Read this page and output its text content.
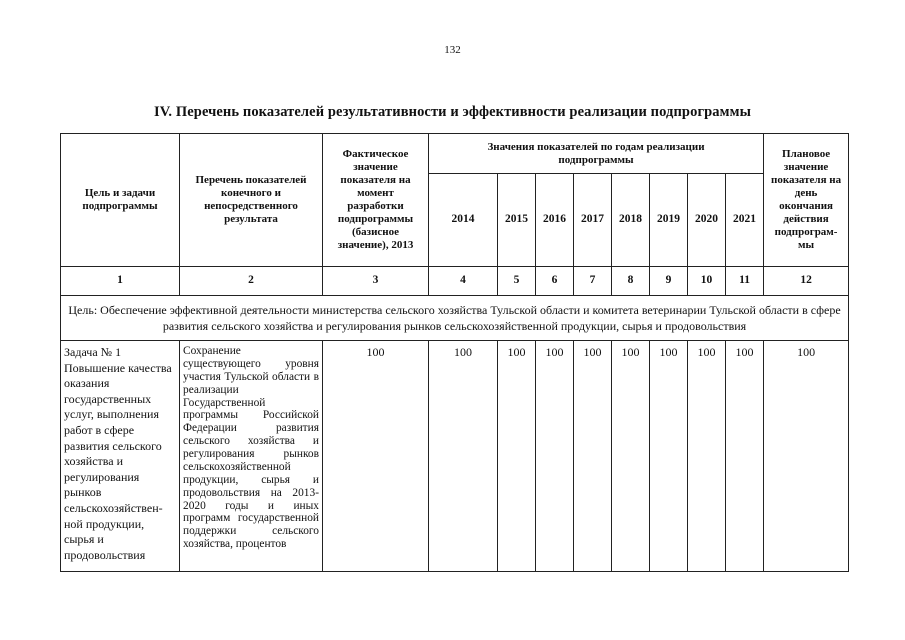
132
IV. Перечень показателей результативности и эффективности реализации подпрограммы
Цель и задачи подпрограммы	Перечень показателей конечного и непосредственного результата	Фактическое значение показателя на момент разработки подпрограммы (базисное значение), 2013	Значения показателей по годам реализации подпрограммы								Плановое значение показателя на день окончания действия подпрограм-мы
			2014	2015	2016	2017	2018	2019	2020	2021	
1	2	3	4	5	6	7	8	9	10	11	12
Цель: Обеспечение эффективной деятельности министерства сельского хозяйства Тульской области и комитета ветеринарии Тульской области в сфере развития сельского хозяйства и регулирования рынков сельскохозяйственной продукции, сырья и продовольствия											
Задача № 1 Повышение качества оказания государственных услуг, выполнения работ в сфере развития сельского хозяйства и регулирования рынков сельскохозяйствен-ной продукции, сырья и продовольствия	Сохранение существующего уровня участия Тульской области в реализации Государственной программы Российской Федерации развития сельского хозяйства и регулирования рынков сельскохозяйственной продукции, сырья и продовольствия на 2013-2020 годы и иных программ государственной поддержки сельского хозяйства, процентов	100	100	100	100	100	100	100	100	100	100
